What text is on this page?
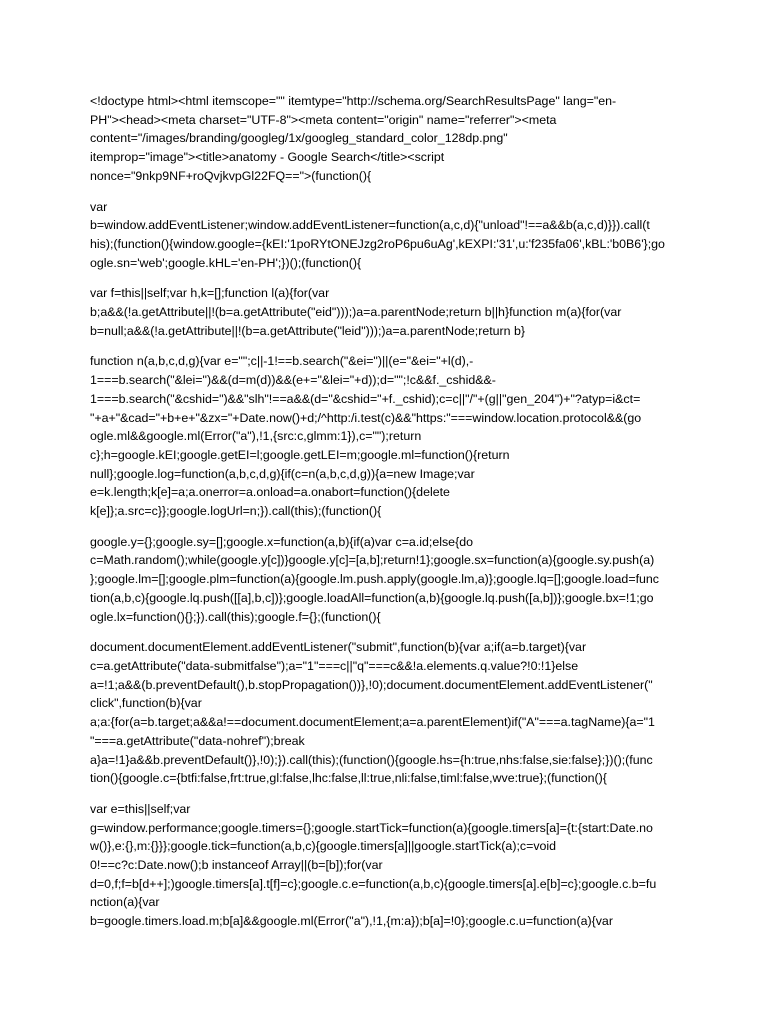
<!doctype html><html itemscope="" itemtype="http://schema.org/SearchResultsPage" lang="en-
PH"><head><meta charset="UTF-8"><meta content="origin" name="referrer"><meta
content="/images/branding/googleg/1x/googleg_standard_color_128dp.png"
itemprop="image"><title>anatomy - Google Search</title><script
nonce="9nkp9NF+roQvjkvpGl22FQ==">(function(){
var
b=window.addEventListener;window.addEventListener=function(a,c,d){"unload"!==a&&b(a,c,d)}}).call(t
his);(function(){window.google={kEI:'1poRYtONEJzg2roP6pu6uAg',kEXPI:'31',u:'f235fa06',kBL:'b0B6'};go
ogle.sn='web';google.kHL='en-PH';})();(function(){
var f=this||self;var h,k=[];function l(a){for(var
b;a&&(!a.getAttribute||!(b=a.getAttribute("eid")));)a=a.parentNode;return b||h}function m(a){for(var
b=null;a&&(!a.getAttribute||!(b=a.getAttribute("leid")));)a=a.parentNode;return b}
function n(a,b,c,d,g){var e="";c||-1!==b.search("&ei=")||(e="&ei="+l(d),-
1===b.search("&lei=")&&(d=m(d))&&(e+="&lei="+d));d="";!c&&f._cshid&&-
1===b.search("&cshid=")&&"slh"!==a&&(d="&cshid="+f._cshid);c=c||"/"+(g||"gen_204")+"?atyp=i&ct=
"+a+"&cad="+b+e+"&zx="+Date.now()+d;/^http:/i.test(c)&&"https:"===window.location.protocol&&(go
ogle.ml&&google.ml(Error("a"),!1,{src:c,glmm:1}),c="");return
c};h=google.kEI;google.getEI=l;google.getLEI=m;google.ml=function(){return
null};google.log=function(a,b,c,d,g){if(c=n(a,b,c,d,g)){a=new Image;var
e=k.length;k[e]=a;a.onerror=a.onload=a.onabort=function(){delete
k[e]};a.src=c}};google.logUrl=n;}).call(this);(function(){
google.y={};google.sy=[];google.x=function(a,b){if(a)var c=a.id;else{do
c=Math.random();while(google.y[c])}google.y[c]=[a,b];return!1};google.sx=function(a){google.sy.push(a)
};google.lm=[];google.plm=function(a){google.lm.push.apply(google.lm,a)};google.lq=[];google.load=func
tion(a,b,c){google.lq.push([[a],b,c])};google.loadAll=function(a,b){google.lq.push([a,b])};google.bx=!1;go
ogle.lx=function(){};}).call(this);google.f={};(function(){
document.documentElement.addEventListener("submit",function(b){var a;if(a=b.target){var
c=a.getAttribute("data-submitfalse");a="1"===c||"q"===c&&!a.elements.q.value?!0:!1}else
a=!1;a&&(b.preventDefault(),b.stopPropagation())},!0);document.documentElement.addEventListener("
click",function(b){var
a;a:{for(a=b.target;a&&a!==document.documentElement;a=a.parentElement)if("A"===a.tagName){a="1
"===a.getAttribute("data-nohref");break
a}a=!1}a&&b.preventDefault()},!0);}).call(this);(function(){google.hs={h:true,nhs:false,sie:false};})();(func
tion(){google.c={btfi:false,frt:true,gl:false,lhc:false,ll:true,nli:false,timl:false,wve:true};(function(){
var e=this||self;var
g=window.performance;google.timers={};google.startTick=function(a){google.timers[a]={t:{start:Date.no
w()},e:{},m:{}}};google.tick=function(a,b,c){google.timers[a]||google.startTick(a);c=void
0!==c?c:Date.now();b instanceof Array||(b=[b]);for(var
d=0,f;f=b[d++];)google.timers[a].t[f]=c};google.c.e=function(a,b,c){google.timers[a].e[b]=c};google.c.b=fu
nction(a){var
b=google.timers.load.m;b[a]&&google.ml(Error("a"),!1,{m:a});b[a]=!0};google.c.u=function(a){var
